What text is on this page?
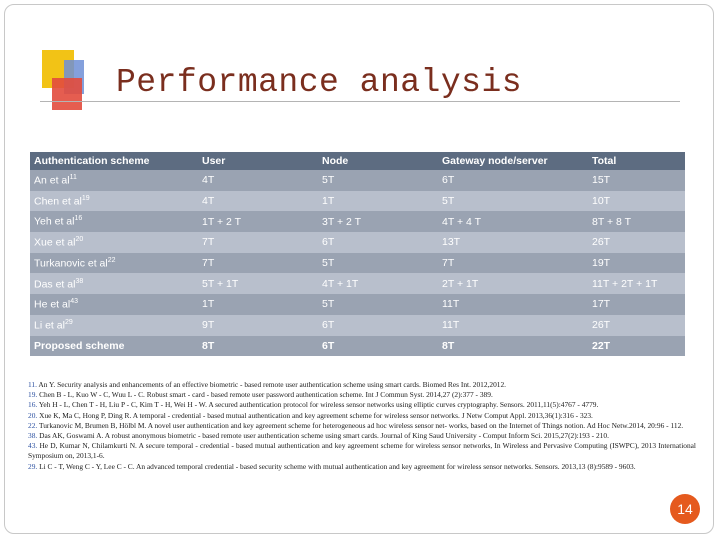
Performance analysis
Authentication scheme	User	Node	Gateway node/server	Total
An et $al^{11}$	4T	5T	6T	15T
Chen et $al^{19}$	4T	1T	5T	10T
Yeh et $al^{16}$	1T + 2 T	3T + 2 T	4T + 4 T	8T + 8 T
Xue et $al^{20}$	7T	6T	13T	26T
Turkanovic et $al^{22}$	7T	5T	7T	19T
Das et $al^{38}$	5T + 1T	4T + 1T	2T + 1T	11T + 2T + 1T
He et $al^{43}$	1T	5T	11T	17T
Li et $al^{29}$	9T	6T	11T	26T
Proposed scheme	8T	6T	8T	22T
11. An Y. Security analysis and enhancements of an effective biometric - based remote user authentication scheme using smart cards. Biomed Res Int. 2012,2012.
19. Chen B - L, Kuo W - C, Wuu L - C. Robust smart - card - based remote user password authentication scheme. Int J Commun Syst. 2014,27 (2):377 - 389.
16. Yeh H - L, Chen T - H, Liu P - C, Kim T - H, Wei H - W. A secured authentication protocol for wireless sensor networks using elliptic curves cryptography. Sensors. 2011,11(5):4767 - 4779.
20. Xue K, Ma C, Hong P, Ding R. A temporal - credential - based mutual authentication and key agreement scheme for wireless sensor networks. J Netw Comput Appl. 2013,36(1):316 - 323.
22. Turkanovic M, Brumen B, Hölbl M. A novel user authentication and key agreement scheme for heterogeneous ad hoc wireless sensor net- works, based on the Internet of Things notion. Ad Hoc Netw.2014, 20:96 - 112.
38. Das AK, Goswami A. A robust anonymous biometric - based remote user authentication scheme using smart cards. Journal of King Saud University - Comput Inform Sci. 2015,27(2):193 - 210.
43. He D, Kumar N, Chilamkurti N. A secure temporal - credential - based mutual authentication and key agreement scheme for wireless sensor networks, In Wireless and Pervasive Computing (ISWPC), 2013 International Symposium on, 2013,1-6.
29. Li C - T, Weng C - Y, Lee C - C. An advanced temporal credential - based security scheme with mutual authentication and key agreement for wireless sensor networks. Sensors. 2013,13 (8):9589 - 9603.
14
